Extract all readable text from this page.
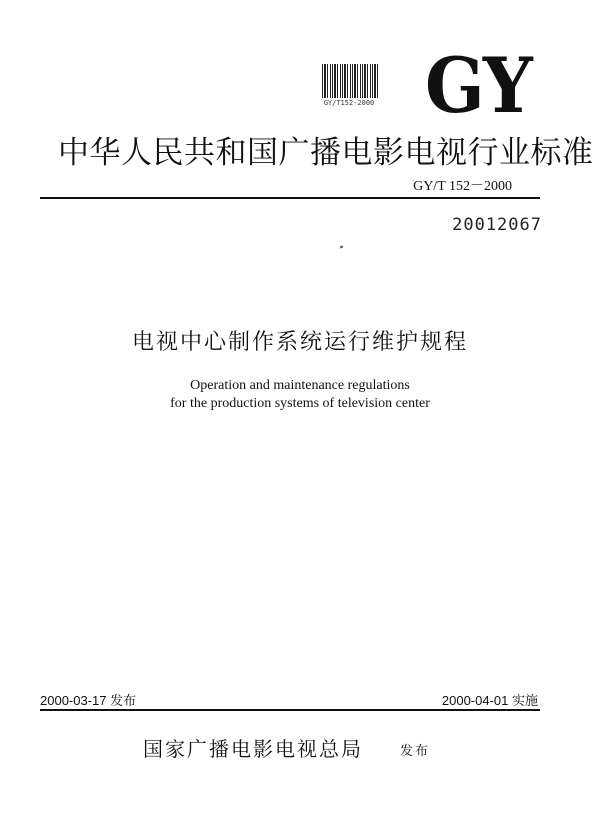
GY/T152-2000 GY
中华人民共和国广播电影电视行业标准
GY/T 152－2000
20012067
电视中心制作系统运行维护规程
Operation and maintenance regulations
for the production systems of television center
2000-03-17 发布	2000-04-01 实施
国家广播电影电视总局	发布
